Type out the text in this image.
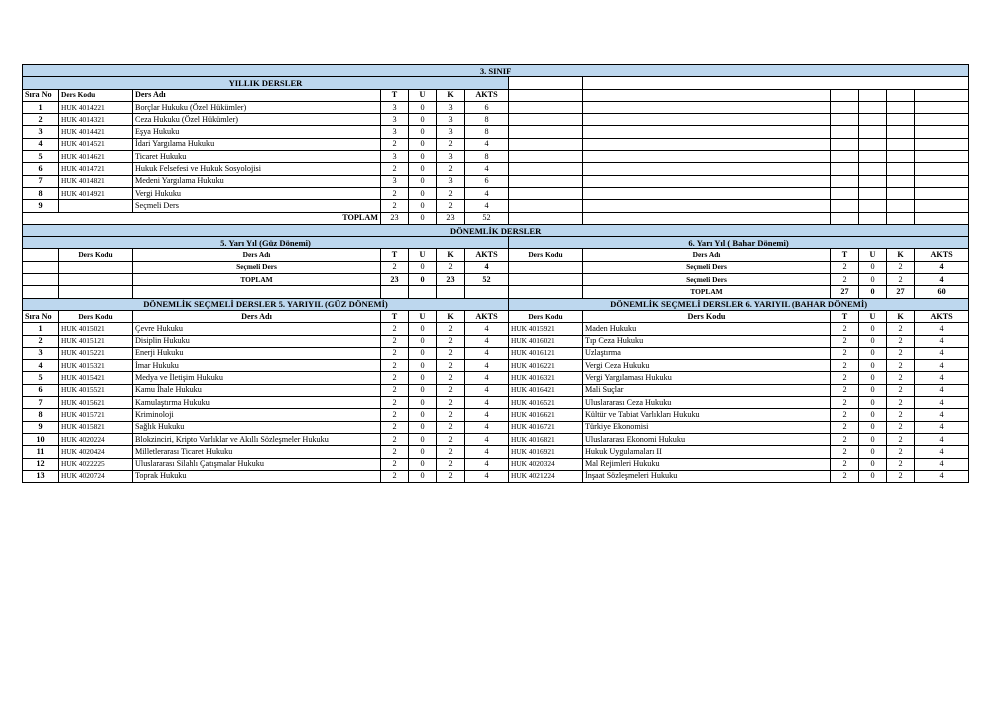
3. SINIF												
YILLIK DERSLER												
Sıra No	Ders Kodu	Ders Adı	T	U	K	AKTS						
1	HUK 4014221	Borçlar Hukuku (Özel Hükümler)	3	0	3	6						
2	HUK 4014321	Ceza Hukuku (Özel Hükümler)	3	0	3	8						
3	HUK 4014421	Eşya Hukuku	3	0	3	8						
4	HUK 4014521	İdari Yargılama Hukuku	2	0	2	4						
5	HUK 4014621	Ticaret Hukuku	3	0	3	8						
6	HUK 4014721	Hukuk Felsefesi ve Hukuk Sosyolojisi	2	0	2	4						
7	HUK 4014821	Medeni Yargılama Hukuku	3	0	3	6						
8	HUK 4014921	Vergi Hukuku	2	0	2	4						
9		Seçmeli Ders	2	0	2	4						
TOPLAM			23	0	23	52						
DÖNEMLİK DERSLER												
5. Yarı Yıl (Güz Dönemi)							6. Yarı Yıl ( Bahar Dönemi)					
	Ders Kodu	Ders Adı	T	U	K	AKTS	Ders Kodu	Ders Adı	T	U	K	AKTS
		Seçmeli Ders	2	0	2	4		Seçmeli Ders	2	0	2	4
		TOPLAM	23	0	23	52		Seçmeli Ders	2	0	2	4
								TOPLAM	27	0	27	60
DÖNEMLİK SEÇMELİ DERSLER 5. YARIYIL (GÜZ DÖNEMİ)							DÖNEMLİK SEÇMELİ DERSLER 6. YARIYIL (BAHAR DÖNEMİ)					
Sıra No	Ders Kodu	Ders Adı	T	U	K	AKTS	Ders Kodu	Ders Kodu	T	U	K	AKTS
1	HUK 4015021	Çevre Hukuku	2	0	2	4	HUK 4015921	Maden Hukuku	2	0	2	4
2	HUK 4015121	Disiplin Hukuku	2	0	2	4	HUK 4016021	Tıp Ceza Hukuku	2	0	2	4
3	HUK 4015221	Enerji Hukuku	2	0	2	4	HUK 4016121	Uzlaştırma	2	0	2	4
4	HUK 4015321	İmar Hukuku	2	0	2	4	HUK 4016221	Vergi Ceza Hukuku	2	0	2	4
5	HUK 4015421	Medya ve İletişim Hukuku	2	0	2	4	HUK 4016321	Vergi Yargılaması Hukuku	2	0	2	4
6	HUK 4015521	Kamu İhale Hukuku	2	0	2	4	HUK 4016421	Mali Suçlar	2	0	2	4
7	HUK 4015621	Kamulaştırma Hukuku	2	0	2	4	HUK 4016521	Uluslararası Ceza Hukuku	2	0	2	4
8	HUK 4015721	Kriminoloji	2	0	2	4	HUK 4016621	Kültür ve Tabiat Varlıkları Hukuku	2	0	2	4
9	HUK 4015821	Sağlık Hukuku	2	0	2	4	HUK 4016721	Türkiye Ekonomisi	2	0	2	4
10	HUK 4020224	Blokzinciri, Kripto Varlıklar ve Akıllı Sözleşmeler Hukuku	2	0	2	4	HUK 4016821	Uluslararası Ekonomi Hukuku	2	0	2	4
11	HUK 4020424	Milletlerarası Ticaret Hukuku	2	0	2	4	HUK 4016921	Hukuk Uygulamaları II	2	0	2	4
12	HUK 4022225	Uluslararası Silahlı Çatışmalar Hukuku	2	0	2	4	HUK 4020324	Mal Rejimleri Hukuku	2	0	2	4
13	HUK 4020724	Toprak Hukuku	2	0	2	4	HUK 4021224	İnşaat Sözleşmeleri Hukuku	2	0	2	4
